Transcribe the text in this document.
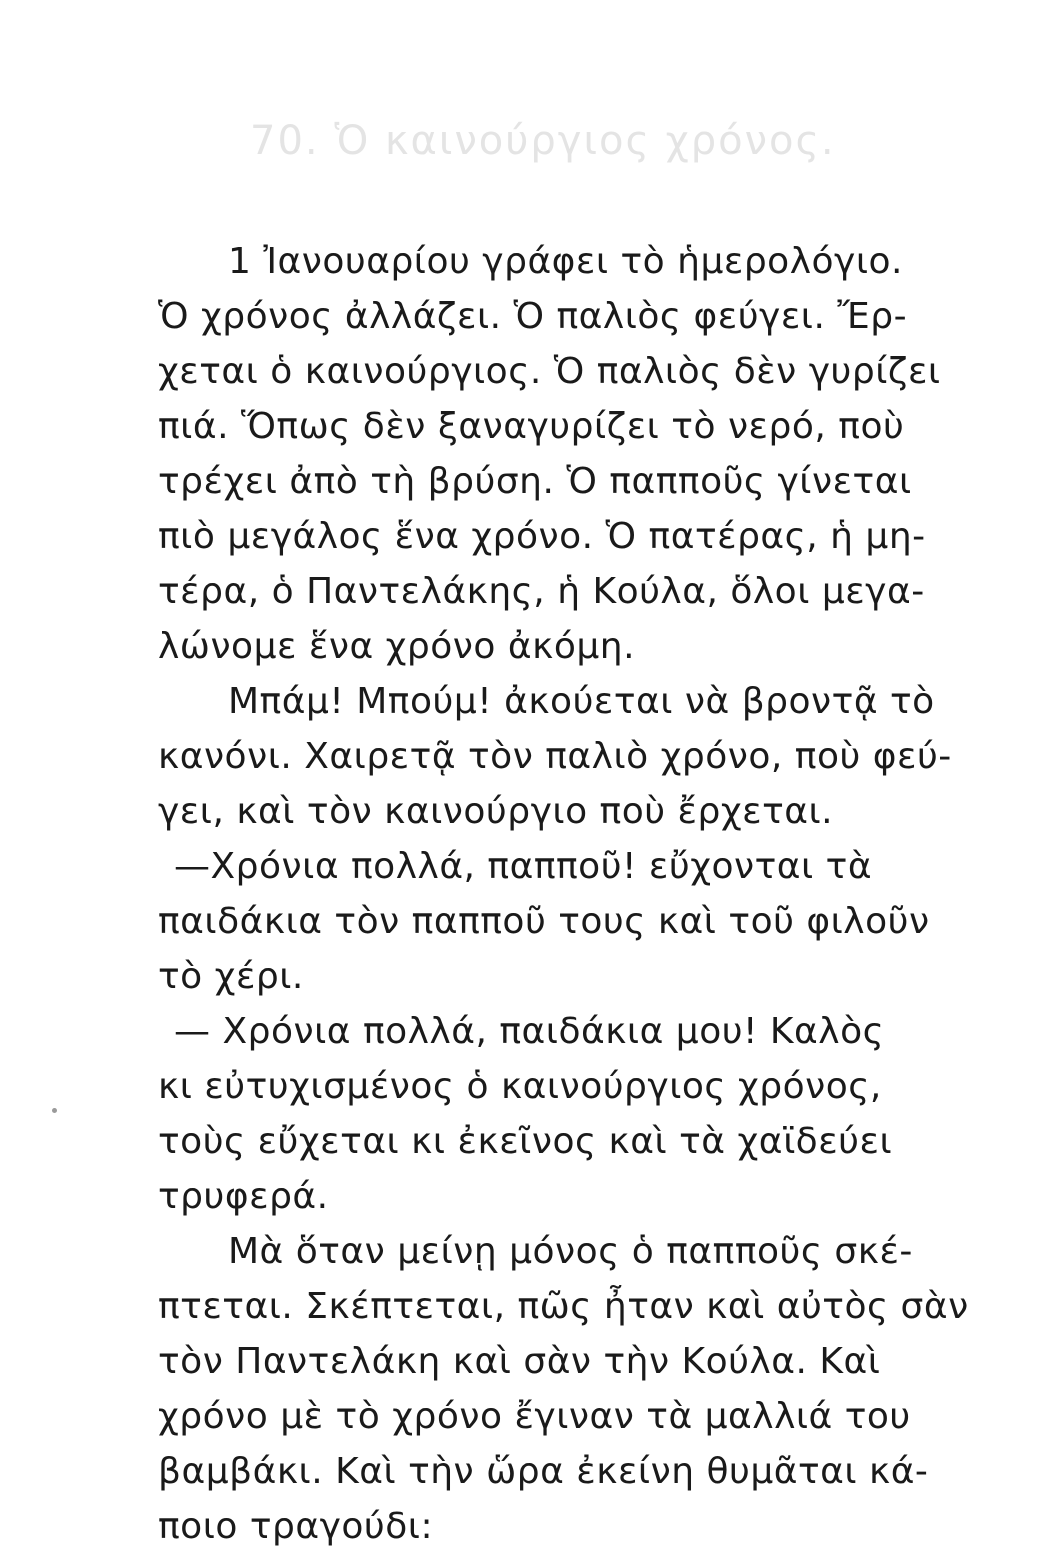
70. Ὁ καινούργιος χρόνος.
1 Ἰανουαρίου γράφει τὸ ἡμερολόγιο.
Ὁ χρόνος ἀλλάζει. Ὁ παλιὸς φεύγει. Ἔρ-
χεται ὁ καινούργιος. Ὁ παλιὸς δὲν γυρίζει
πιά. Ὅπως δὲν ξαναγυρίζει τὸ νερό, ποὺ
τρέχει ἀπὸ τὴ βρύση. Ὁ παπποῦς γίνεται
πιὸ μεγάλος ἕνα χρόνο. Ὁ πατέρας, ἡ μη-
τέρα, ὁ Παντελάκης, ἡ Κούλα, ὅλοι μεγα-
λώνομε ἕνα χρόνο ἀκόμη.
Μπάμ! Μπούμ! ἀκούεται νὰ βροντᾷ τὸ
κανόνι. Χαιρετᾷ τὸν παλιὸ χρόνο, ποὺ φεύ-
γει, καὶ τὸν καινούργιο ποὺ ἔρχεται.
—Χρόνια πολλά, παπποῦ! εὔχονται τὰ
παιδάκια τὸν παπποῦ τους καὶ τοῦ φιλοῦν
τὸ χέρι.
— Χρόνια πολλά, παιδάκια μου! Καλὸς
κι εὐτυχισμένος ὁ καινούργιος χρόνος,
τοὺς εὔχεται κι ἐκεῖνος καὶ τὰ χαϊδεύει
τρυφερά.
Μὰ ὅταν μείνῃ μόνος ὁ παπποῦς σκέ-
πτεται. Σκέπτεται, πῶς ἦταν καὶ αὐτὸς σὰν
τὸν Παντελάκη καὶ σὰν τὴν Κούλα. Καὶ
χρόνο μὲ τὸ χρόνο ἔγιναν τὰ μαλλιά του
βαμβάκι. Καὶ τὴν ὥρα ἐκείνη θυμᾶται κά-
ποιο τραγούδι:
